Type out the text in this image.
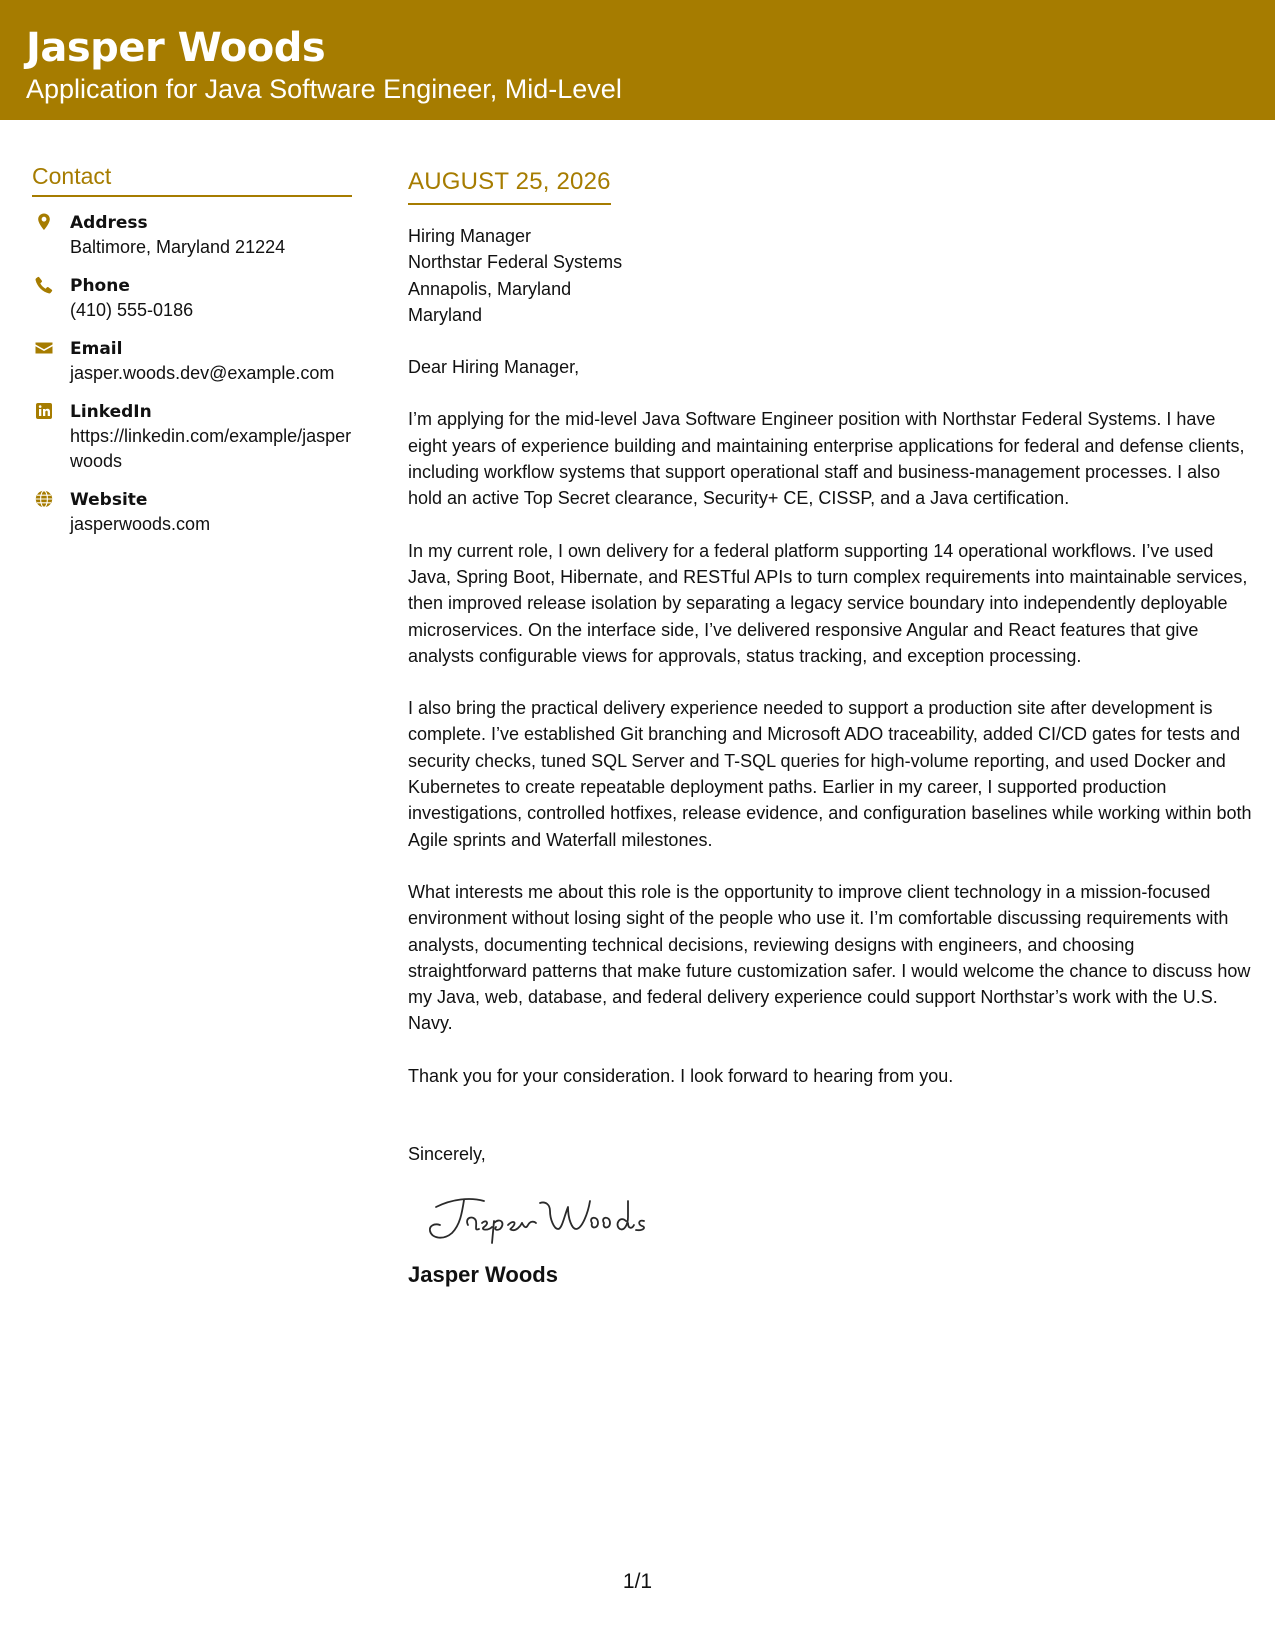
Jasper Woods
Application for Java Software Engineer, Mid-Level
Contact
Address
Baltimore, Maryland 21224
Phone
(410) 555-0186
Email
jasper.woods.dev@example.com
LinkedIn
https://linkedin.com/example/jasperwoods
Website
jasperwoods.com
AUGUST 25, 2026
Hiring Manager
Northstar Federal Systems
Annapolis, Maryland
Maryland
Dear Hiring Manager,

I’m applying for the mid-level Java Software Engineer position with Northstar Federal Systems. I have eight years of experience building and maintaining enterprise applications for federal and defense clients, including workflow systems that support operational staff and business-management processes. I also hold an active Top Secret clearance, Security+ CE, CISSP, and a Java certification.

In my current role, I own delivery for a federal platform supporting 14 operational workflows. I’ve used Java, Spring Boot, Hibernate, and RESTful APIs to turn complex requirements into maintainable services, then improved release isolation by separating a legacy service boundary into independently deployable microservices. On the interface side, I’ve delivered responsive Angular and React features that give analysts configurable views for approvals, status tracking, and exception processing.

I also bring the practical delivery experience needed to support a production site after development is complete. I’ve established Git branching and Microsoft ADO traceability, added CI/CD gates for tests and security checks, tuned SQL Server and T-SQL queries for high-volume reporting, and used Docker and Kubernetes to create repeatable deployment paths. Earlier in my career, I supported production investigations, controlled hotfixes, release evidence, and configuration baselines while working within both Agile sprints and Waterfall milestones.

What interests me about this role is the opportunity to improve client technology in a mission-focused environment without losing sight of the people who use it. I’m comfortable discussing requirements with analysts, documenting technical decisions, reviewing designs with engineers, and choosing straightforward patterns that make future customization safer. I would welcome the chance to discuss how my Java, web, database, and federal delivery experience could support Northstar’s work with the U.S. Navy.

Thank you for your consideration. I look forward to hearing from you.

Sincerely,
Jasper Woods
1/1
